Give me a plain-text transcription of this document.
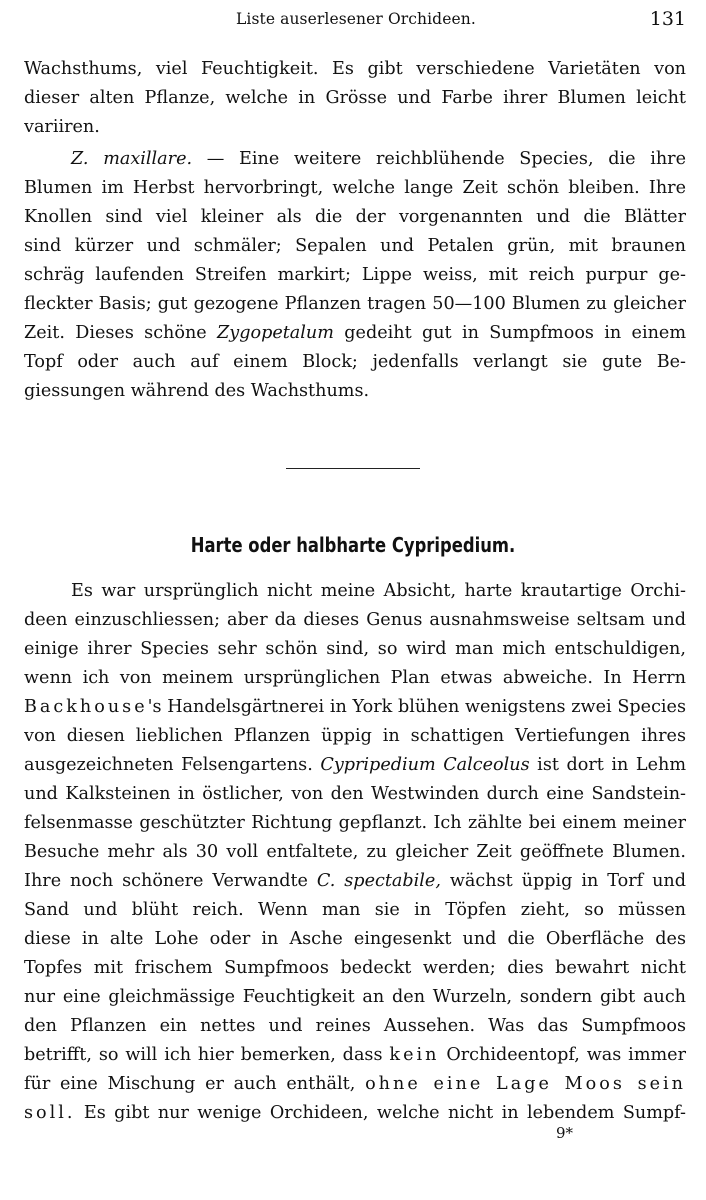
Liste auserlesener Orchideen.	131
Wachsthums, viel Feuchtigkeit. Es gibt verschiedene Varietäten von
dieser alten Pflanze, welche in Grösse und Farbe ihrer Blumen leicht
variiren.
Z. maxillare. — Eine weitere reichblühende Species, die ihre
Blumen im Herbst hervorbringt, welche lange Zeit schön bleiben. Ihre
Knollen sind viel kleiner als die der vorgenannten und die Blätter
sind kürzer und schmäler; Sepalen und Petalen grün, mit braunen
schräg laufenden Streifen markirt; Lippe weiss, mit reich purpur ge-
fleckter Basis; gut gezogene Pflanzen tragen 50—100 Blumen zu gleicher
Zeit. Dieses schöne Zygopetalum gedeiht gut in Sumpfmoos in einem
Topf oder auch auf einem Block; jedenfalls verlangt sie gute Be-
giessungen während des Wachsthums.
Harte oder halbharte Cypripedium.
Es war ursprünglich nicht meine Absicht, harte krautartige Orchi-
deen einzuschliessen; aber da dieses Genus ausnahmsweise seltsam und
einige ihrer Species sehr schön sind, so wird man mich entschuldigen,
wenn ich von meinem ursprünglichen Plan etwas abweiche. In Herrn
Backhouse's Handelsgärtnerei in York blühen wenigstens zwei Species
von diesen lieblichen Pflanzen üppig in schattigen Vertiefungen ihres
ausgezeichneten Felsengartens. Cypripedium Calceolus ist dort in Lehm
und Kalksteinen in östlicher, von den Westwinden durch eine Sandstein-
felsenmasse geschützter Richtung gepflanzt. Ich zählte bei einem meiner
Besuche mehr als 30 voll entfaltete, zu gleicher Zeit geöffnete Blumen.
Ihre noch schönere Verwandte C. spectabile, wächst üppig in Torf und
Sand und blüht reich. Wenn man sie in Töpfen zieht, so müssen
diese in alte Lohe oder in Asche eingesenkt und die Oberfläche des
Topfes mit frischem Sumpfmoos bedeckt werden; dies bewahrt nicht
nur eine gleichmässige Feuchtigkeit an den Wurzeln, sondern gibt auch
den Pflanzen ein nettes und reines Aussehen. Was das Sumpfmoos
betrifft, so will ich hier bemerken, dass kein Orchideentopf, was immer
für eine Mischung er auch enthält, ohne eine Lage Moos sein
soll. Es gibt nur wenige Orchideen, welche nicht in lebendem Sumpf-
9*
